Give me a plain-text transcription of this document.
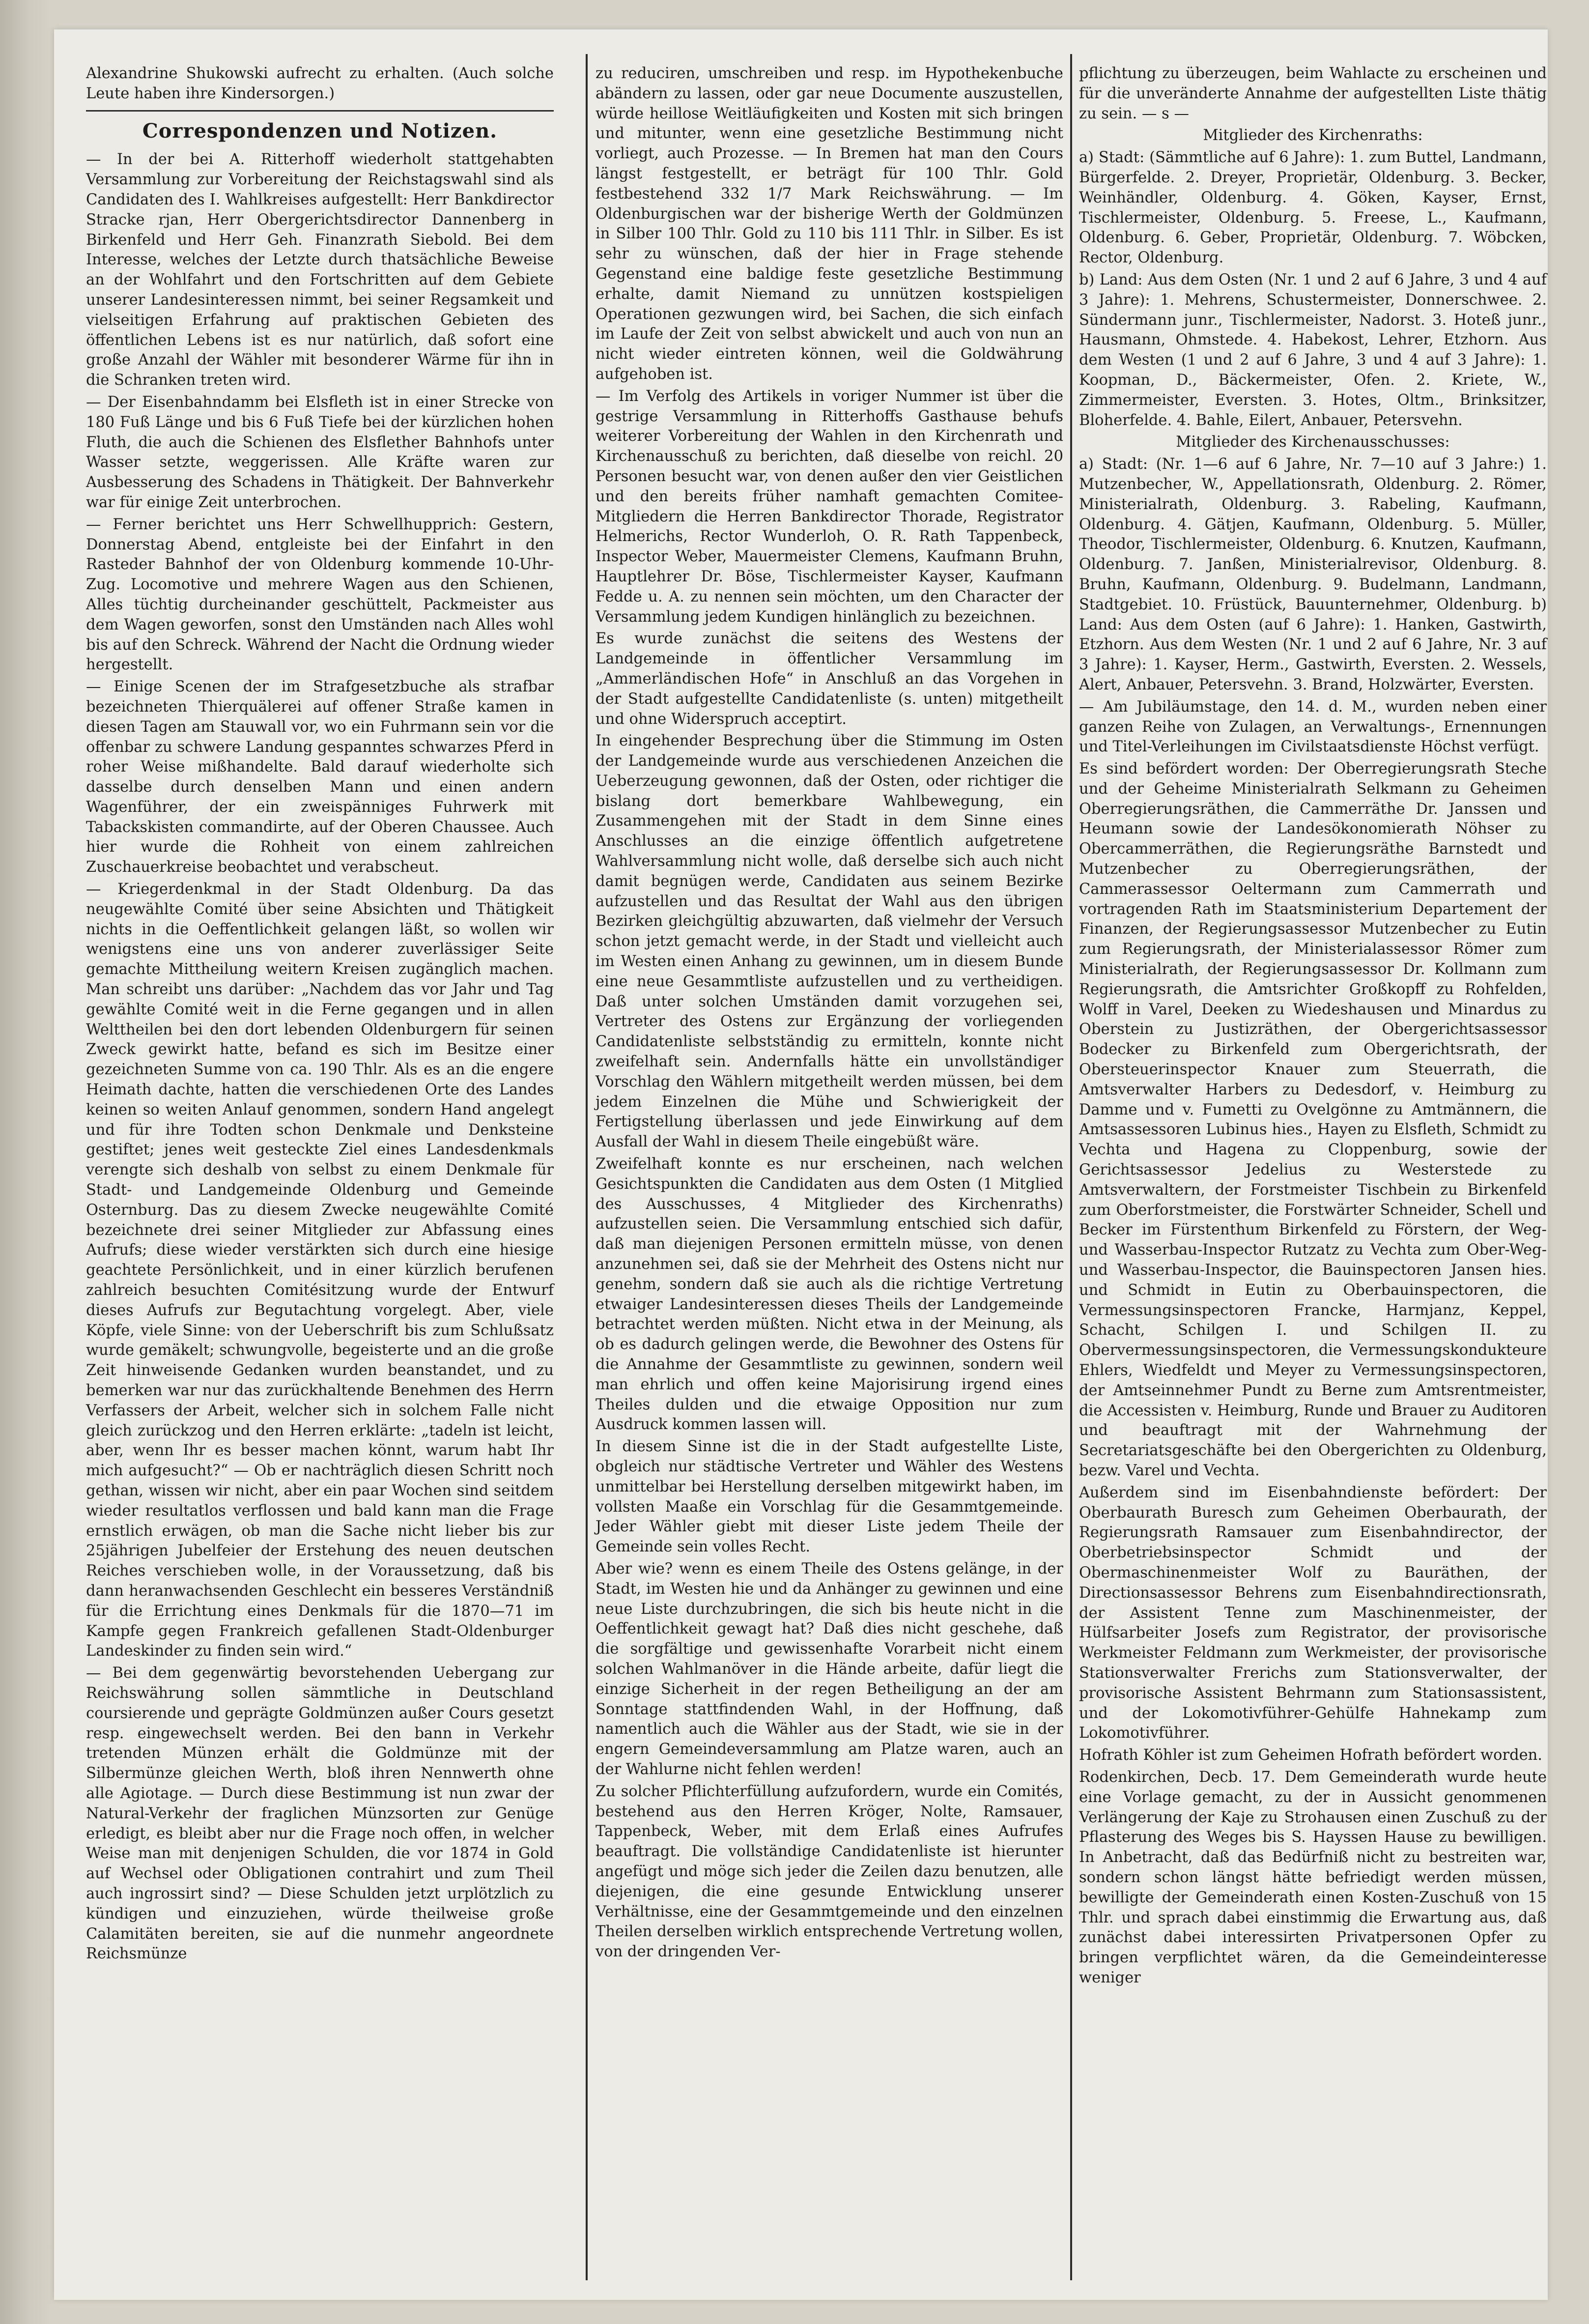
Alexandrine Shukowski aufrecht zu erhalten. (Auch solche Leute haben ihre Kindersorgen.)

Correspondenzen und Notizen.

— In der bei A. Ritterhoff wiederholt stattgehabten Versammlung zur Vorbereitung der Reichstagswahl sind als Candidaten des I. Wahlkreises aufgestellt: Herr Bankdirector Stracke rjan, Herr Obergerichtsdirector Dannenberg in Birkenfeld und Herr Geh. Finanzrath Siebold. Bei dem Interesse, welches der Letzte durch thatsächliche Beweise an der Wohlfahrt und den Fortschritten auf dem Gebiete unserer Landesinteressen nimmt, bei seiner Regsamkeit und vielseitigen Erfahrung auf praktischen Gebieten des öffentlichen Lebens ist es nur natürlich, daß sofort eine große Anzahl der Wähler mit besonderer Wärme für ihn in die Schranken treten wird.

— Der Eisenbahndamm bei Elsfleth ist in einer Strecke von 180 Fuß Länge und bis 6 Fuß Tiefe bei der kürzlichen hohen Fluth, die auch die Schienen des Elsflether Bahnhofs unter Wasser setzte, weggerissen. Alle Kräfte waren zur Ausbesserung des Schadens in Thätigkeit. Der Bahnverkehr war für einige Zeit unterbrochen.

— Ferner berichtet uns Herr Schwellhupprich: Gestern, Donnerstag Abend, entgleiste bei der Einfahrt in den Rasteder Bahnhof der von Oldenburg kommende 10-Uhr-Zug. Locomotive und mehrere Wagen aus den Schienen, Alles tüchtig durcheinander geschüttelt, Packmeister aus dem Wagen geworfen, sonst den Umständen nach Alles wohl bis auf den Schreck. Während der Nacht die Ordnung wieder hergestellt.

— Einige Scenen der im Strafgesetzbuche als strafbar bezeichneten Thierquälerei auf offener Straße kamen in diesen Tagen am Stauwall vor, wo ein Fuhrmann sein vor die offenbar zu schwere Landung gespanntes schwarzes Pferd in roher Weise mißhandelte. Bald darauf wiederholte sich dasselbe durch denselben Mann und einen andern Wagenführer, der ein zweispänniges Fuhrwerk mit Tabackskisten commandirte, auf der Oberen Chaussee. Auch hier wurde die Rohheit von einem zahlreichen Zuschauerkreise beobachtet und verabscheut.

— Kriegerdenkmal in der Stadt Oldenburg. Da das neugewählte Comité über seine Absichten und Thätigkeit nichts in die Oeffentlichkeit gelangen läßt, so wollen wir wenigstens eine uns von anderer zuverlässiger Seite gemachte Mittheilung weitern Kreisen zugänglich machen. Man schreibt uns darüber: „Nachdem das vor Jahr und Tag gewählte Comité weit in die Ferne gegangen und in allen Welttheilen bei den dort lebenden Oldenburgern für seinen Zweck gewirkt hatte, befand es sich im Besitze einer gezeichneten Summe von ca. 190 Thlr. Als es an die engere Heimath dachte, hatten die verschiedenen Orte des Landes keinen so weiten Anlauf genommen, sondern Hand angelegt und für ihre Todten schon Denkmale und Denksteine gestiftet; jenes weit gesteckte Ziel eines Landesdenkmals verengte sich deshalb von selbst zu einem Denkmale für Stadt- und Landgemeinde Oldenburg und Gemeinde Osternburg. Das zu diesem Zwecke neugewählte Comité bezeichnete drei seiner Mitglieder zur Abfassung eines Aufrufs; diese wieder verstärkten sich durch eine hiesige geachtete Persönlichkeit, und in einer kürzlich berufenen zahlreich besuchten Comitésitzung wurde der Entwurf dieses Aufrufs zur Begutachtung vorgelegt. Aber, viele Köpfe, viele Sinne: von der Ueberschrift bis zum Schlußsatz wurde gemäkelt; schwungvolle, begeisterte und an die große Zeit hinweisende Gedanken wurden beanstandet, und zu bemerken war nur das zurückhaltende Benehmen des Herrn Verfassers der Arbeit, welcher sich in solchem Falle nicht gleich zurückzog und den Herren erklärte: „tadeln ist leicht, aber, wenn Ihr es besser machen könnt, warum habt Ihr mich aufgesucht?“ — Ob er nachträglich diesen Schritt noch gethan, wissen wir nicht, aber ein paar Wochen sind seitdem wieder resultatlos verflossen und bald kann man die Frage ernstlich erwägen, ob man die Sache nicht lieber bis zur 25jährigen Jubelfeier der Erstehung des neuen deutschen Reiches verschieben wolle, in der Voraussetzung, daß bis dann heranwachsenden Geschlecht ein besseres Verständniß für die Errichtung eines Denkmals für die 1870—71 im Kampfe gegen Frankreich gefallenen Stadt-Oldenburger Landeskinder zu finden sein wird.“

— Bei dem gegenwärtig bevorstehenden Uebergang zur Reichswährung sollen sämmtliche in Deutschland coursierende und geprägte Goldmünzen außer Cours gesetzt resp. eingewechselt werden. Bei den bann in Verkehr tretenden Münzen erhält die Goldmünze mit der Silbermünze gleichen Werth, bloß ihren Nennwerth ohne alle Agiotage. — Durch diese Bestimmung ist nun zwar der Natural-Verkehr der fraglichen Münzsorten zur Genüge erledigt, es bleibt aber nur die Frage noch offen, in welcher Weise man mit denjenigen Schulden, die vor 1874 in Gold auf Wechsel oder Obligationen contrahirt und zum Theil auch ingrossirt sind? — Diese Schulden jetzt urplötzlich zu kündigen und einzuziehen, würde theilweise große Calamitäten bereiten, sie auf die nunmehr angeordnete Reichsmünze

zu reduciren, umschreiben und resp. im Hypothekenbuche abändern zu lassen, oder gar neue Documente auszustellen, würde heillose Weitläufigkeiten und Kosten mit sich bringen und mitunter, wenn eine gesetzliche Bestimmung nicht vorliegt, auch Prozesse. — In Bremen hat man den Cours längst festgestellt, er beträgt für 100 Thlr. Gold festbestehend 332 1/7 Mark Reichswährung. — Im Oldenburgischen war der bisherige Werth der Goldmünzen in Silber 100 Thlr. Gold zu 110 bis 111 Thlr. in Silber. Es ist sehr zu wünschen, daß der hier in Frage stehende Gegenstand eine baldige feste gesetzliche Bestimmung erhalte, damit Niemand zu unnützen kostspieligen Operationen gezwungen wird, bei Sachen, die sich einfach im Laufe der Zeit von selbst abwickelt und auch von nun an nicht wieder eintreten können, weil die Goldwährung aufgehoben ist.

— Im Verfolg des Artikels in voriger Nummer ist über die gestrige Versammlung in Ritterhoffs Gasthause behufs weiterer Vorbereitung der Wahlen in den Kirchenrath und Kirchenausschuß zu berichten, daß dieselbe von reichl. 20 Personen besucht war, von denen außer den vier Geistlichen und den bereits früher namhaft gemachten Comitee-Mitgliedern die Herren Bankdirector Thorade, Registrator Helmerichs, Rector Wunderloh, O. R. Rath Tappenbeck, Inspector Weber, Mauermeister Clemens, Kaufmann Bruhn, Hauptlehrer Dr. Böse, Tischlermeister Kayser, Kaufmann Fedde u. A. zu nennen sein möchten, um den Character der Versammlung jedem Kundigen hinlänglich zu bezeichnen.

Es wurde zunächst die seitens des Westens der Landgemeinde in öffentlicher Versammlung im „Ammerländischen Hofe“ in Anschluß an das Vorgehen in der Stadt aufgestellte Candidatenliste (s. unten) mitgetheilt und ohne Widerspruch acceptirt.

In eingehender Besprechung über die Stimmung im Osten der Landgemeinde wurde aus verschiedenen Anzeichen die Ueberzeugung gewonnen, daß der Osten, oder richtiger die bislang dort bemerkbare Wahlbewegung, ein Zusammengehen mit der Stadt in dem Sinne eines Anschlusses an die einzige öffentlich aufgetretene Wahlversammlung nicht wolle, daß derselbe sich auch nicht damit begnügen werde, Candidaten aus seinem Bezirke aufzustellen und das Resultat der Wahl aus den übrigen Bezirken gleichgültig abzuwarten, daß vielmehr der Versuch schon jetzt gemacht werde, in der Stadt und vielleicht auch im Westen einen Anhang zu gewinnen, um in diesem Bunde eine neue Gesammtliste aufzustellen und zu vertheidigen. Daß unter solchen Umständen damit vorzugehen sei, Vertreter des Ostens zur Ergänzung der vorliegenden Candidatenliste selbstständig zu ermitteln, konnte nicht zweifelhaft sein. Andernfalls hätte ein unvollständiger Vorschlag den Wählern mitgetheilt werden müssen, bei dem jedem Einzelnen die Mühe und Schwierigkeit der Fertigstellung überlassen und jede Einwirkung auf dem Ausfall der Wahl in diesem Theile eingebüßt wäre.

Zweifelhaft konnte es nur erscheinen, nach welchen Gesichtspunkten die Candidaten aus dem Osten (1 Mitglied des Ausschusses, 4 Mitglieder des Kirchenraths) aufzustellen seien. Die Versammlung entschied sich dafür, daß man diejenigen Personen ermitteln müsse, von denen anzunehmen sei, daß sie der Mehrheit des Ostens nicht nur genehm, sondern daß sie auch als die richtige Vertretung etwaiger Landesinteressen dieses Theils der Landgemeinde betrachtet werden müßten. Nicht etwa in der Meinung, als ob es dadurch gelingen werde, die Bewohner des Ostens für die Annahme der Gesammtliste zu gewinnen, sondern weil man ehrlich und offen keine Majorisirung irgend eines Theiles dulden und die etwaige Opposition nur zum Ausdruck kommen lassen will.

In diesem Sinne ist die in der Stadt aufgestellte Liste, obgleich nur städtische Vertreter und Wähler des Westens unmittelbar bei Herstellung derselben mitgewirkt haben, im vollsten Maaße ein Vorschlag für die Gesammtgemeinde. Jeder Wähler giebt mit dieser Liste jedem Theile der Gemeinde sein volles Recht.

Aber wie? wenn es einem Theile des Ostens gelänge, in der Stadt, im Westen hie und da Anhänger zu gewinnen und eine neue Liste durchzubringen, die sich bis heute nicht in die Oeffentlichkeit gewagt hat? Daß dies nicht geschehe, daß die sorgfältige und gewissenhafte Vorarbeit nicht einem solchen Wahlmanöver in die Hände arbeite, dafür liegt die einzige Sicherheit in der regen Betheiligung an der am Sonntage stattfindenden Wahl, in der Hoffnung, daß namentlich auch die Wähler aus der Stadt, wie sie in der engern Gemeindeversammlung am Platze waren, auch an der Wahlurne nicht fehlen werden!

Zu solcher Pflichterfüllung aufzufordern, wurde ein Comités, bestehend aus den Herren Kröger, Nolte, Ramsauer, Tappenbeck, Weber, mit dem Erlaß eines Aufrufes beauftragt. Die vollständige Candidatenliste ist hierunter angefügt und möge sich jeder die Zeilen dazu benutzen, alle diejenigen, die eine gesunde Entwicklung unserer Verhältnisse, eine der Gesammtgemeinde und den einzelnen Theilen derselben wirklich entsprechende Vertretung wollen, von der dringenden Ver-

pflichtung zu überzeugen, beim Wahlacte zu erscheinen und für die unveränderte Annahme der aufgestellten Liste thätig zu sein. — s —

Mitglieder des Kirchenraths:

a) Stadt: (Sämmtliche auf 6 Jahre): 1. zum Buttel, Landmann, Bürgerfelde. 2. Dreyer, Proprietär, Oldenburg. 3. Becker, Weinhändler, Oldenburg. 4. Göken, Kayser, Ernst, Tischlermeister, Oldenburg. 5. Freese, L., Kaufmann, Oldenburg. 6. Geber, Proprietär, Oldenburg. 7. Wöbcken, Rector, Oldenburg.

b) Land: Aus dem Osten (Nr. 1 und 2 auf 6 Jahre, 3 und 4 auf 3 Jahre): 1. Mehrens, Schustermeister, Donnerschwee. 2. Sündermann junr., Tischlermeister, Nadorst. 3. Hoteß junr., Hausmann, Ohmstede. 4. Habekost, Lehrer, Etzhorn. Aus dem Westen (1 und 2 auf 6 Jahre, 3 und 4 auf 3 Jahre): 1. Koopman, D., Bäckermeister, Ofen. 2. Kriete, W., Zimmermeister, Eversten. 3. Hotes, Oltm., Brinksitzer, Bloherfelde. 4. Bahle, Eilert, Anbauer, Petersvehn.

Mitglieder des Kirchenausschusses:

a) Stadt: (Nr. 1—6 auf 6 Jahre, Nr. 7—10 auf 3 Jahre:) 1. Mutzenbecher, W., Appellationsrath, Oldenburg. 2. Römer, Ministerialrath, Oldenburg. 3. Rabeling, Kaufmann, Oldenburg. 4. Gätjen, Kaufmann, Oldenburg. 5. Müller, Theodor, Tischlermeister, Oldenburg. 6. Knutzen, Kaufmann, Oldenburg. 7. Janßen, Ministerialrevisor, Oldenburg. 8. Bruhn, Kaufmann, Oldenburg. 9. Budelmann, Landmann, Stadtgebiet. 10. Früstück, Bauunternehmer, Oldenburg. b) Land: Aus dem Osten (auf 6 Jahre): 1. Hanken, Gastwirth, Etzhorn. Aus dem Westen (Nr. 1 und 2 auf 6 Jahre, Nr. 3 auf 3 Jahre): 1. Kayser, Herm., Gastwirth, Eversten. 2. Wessels, Alert, Anbauer, Petersvehn. 3. Brand, Holzwärter, Eversten.

— Am Jubiläumstage, den 14. d. M., wurden neben einer ganzen Reihe von Zulagen, an Verwaltungs-, Ernennungen und Titel-Verleihungen im Civilstaatsdienste Höchst verfügt.

Es sind befördert worden: Der Oberregierungsrath Steche und der Geheime Ministerialrath Selkmann zu Geheimen Oberregierungsräthen, die Cammerräthe Dr. Janssen und Heumann sowie der Landesökonomierath Nöhser zu Obercammerräthen, die Regierungsräthe Barnstedt und Mutzenbecher zu Oberregierungsräthen, der Cammerassessor Oeltermann zum Cammerrath und vortragenden Rath im Staatsministerium Departement der Finanzen, der Regierungsassessor Mutzenbecher zu Eutin zum Regierungsrath, der Ministerialassessor Römer zum Ministerialrath, der Regierungsassessor Dr. Kollmann zum Regierungsrath, die Amtsrichter Großkopff zu Rohfelden, Wolff in Varel, Deeken zu Wiedeshausen und Minardus zu Oberstein zu Justizräthen, der Obergerichtsassessor Bodecker zu Birkenfeld zum Obergerichtsrath, der Obersteuerinspector Knauer zum Steuerrath, die Amtsverwalter Harbers zu Dedesdorf, v. Heimburg zu Damme und v. Fumetti zu Ovelgönne zu Amtmännern, die Amtsassessoren Lubinus hies., Hayen zu Elsfleth, Schmidt zu Vechta und Hagena zu Cloppenburg, sowie der Gerichtsassessor Jedelius zu Westerstede zu Amtsverwaltern, der Forstmeister Tischbein zu Birkenfeld zum Oberforstmeister, die Forstwärter Schneider, Schell und Becker im Fürstenthum Birkenfeld zu Förstern, der Weg- und Wasserbau-Inspector Rutzatz zu Vechta zum Ober-Weg- und Wasserbau-Inspector, die Bauinspectoren Jansen hies. und Schmidt in Eutin zu Oberbauinspectoren, die Vermessungsinspectoren Francke, Harmjanz, Keppel, Schacht, Schilgen I. und Schilgen II. zu Obervermessungsinspectoren, die Vermessungskondukteure Ehlers, Wiedfeldt und Meyer zu Vermessungsinspectoren, der Amtseinnehmer Pundt zu Berne zum Amtsrentmeister, die Accessisten v. Heimburg, Runde und Brauer zu Auditoren und beauftragt mit der Wahrnehmung der Secretariatsgeschäfte bei den Obergerichten zu Oldenburg, bezw. Varel und Vechta.

Außerdem sind im Eisenbahndienste befördert: Der Oberbaurath Buresch zum Geheimen Oberbaurath, der Regierungsrath Ramsauer zum Eisenbahndirector, der Oberbetriebsinspector Schmidt und der Obermaschinenmeister Wolf zu Bauräthen, der Directionsassessor Behrens zum Eisenbahndirectionsrath, der Assistent Tenne zum Maschinenmeister, der Hülfsarbeiter Josefs zum Registrator, der provisorische Werkmeister Feldmann zum Werkmeister, der provisorische Stationsverwalter Frerichs zum Stationsverwalter, der provisorische Assistent Behrmann zum Stationsassistent, und der Lokomotivführer-Gehülfe Hahnekamp zum Lokomotivführer.

Hofrath Köhler ist zum Geheimen Hofrath befördert worden.

Rodenkirchen, Decb. 17. Dem Gemeinderath wurde heute eine Vorlage gemacht, zu der in Aussicht genommenen Verlängerung der Kaje zu Strohausen einen Zuschuß zu der Pflasterung des Weges bis S. Hayssen Hause zu bewilligen. In Anbetracht, daß das Bedürfniß nicht zu bestreiten war, sondern schon längst hätte befriedigt werden müssen, bewilligte der Gemeinderath einen Kosten-Zuschuß von 15 Thlr. und sprach dabei einstimmig die Erwartung aus, daß zunächst dabei interessirten Privatpersonen Opfer zu bringen verpflichtet wären, da die Gemeindeinteresse weniger
